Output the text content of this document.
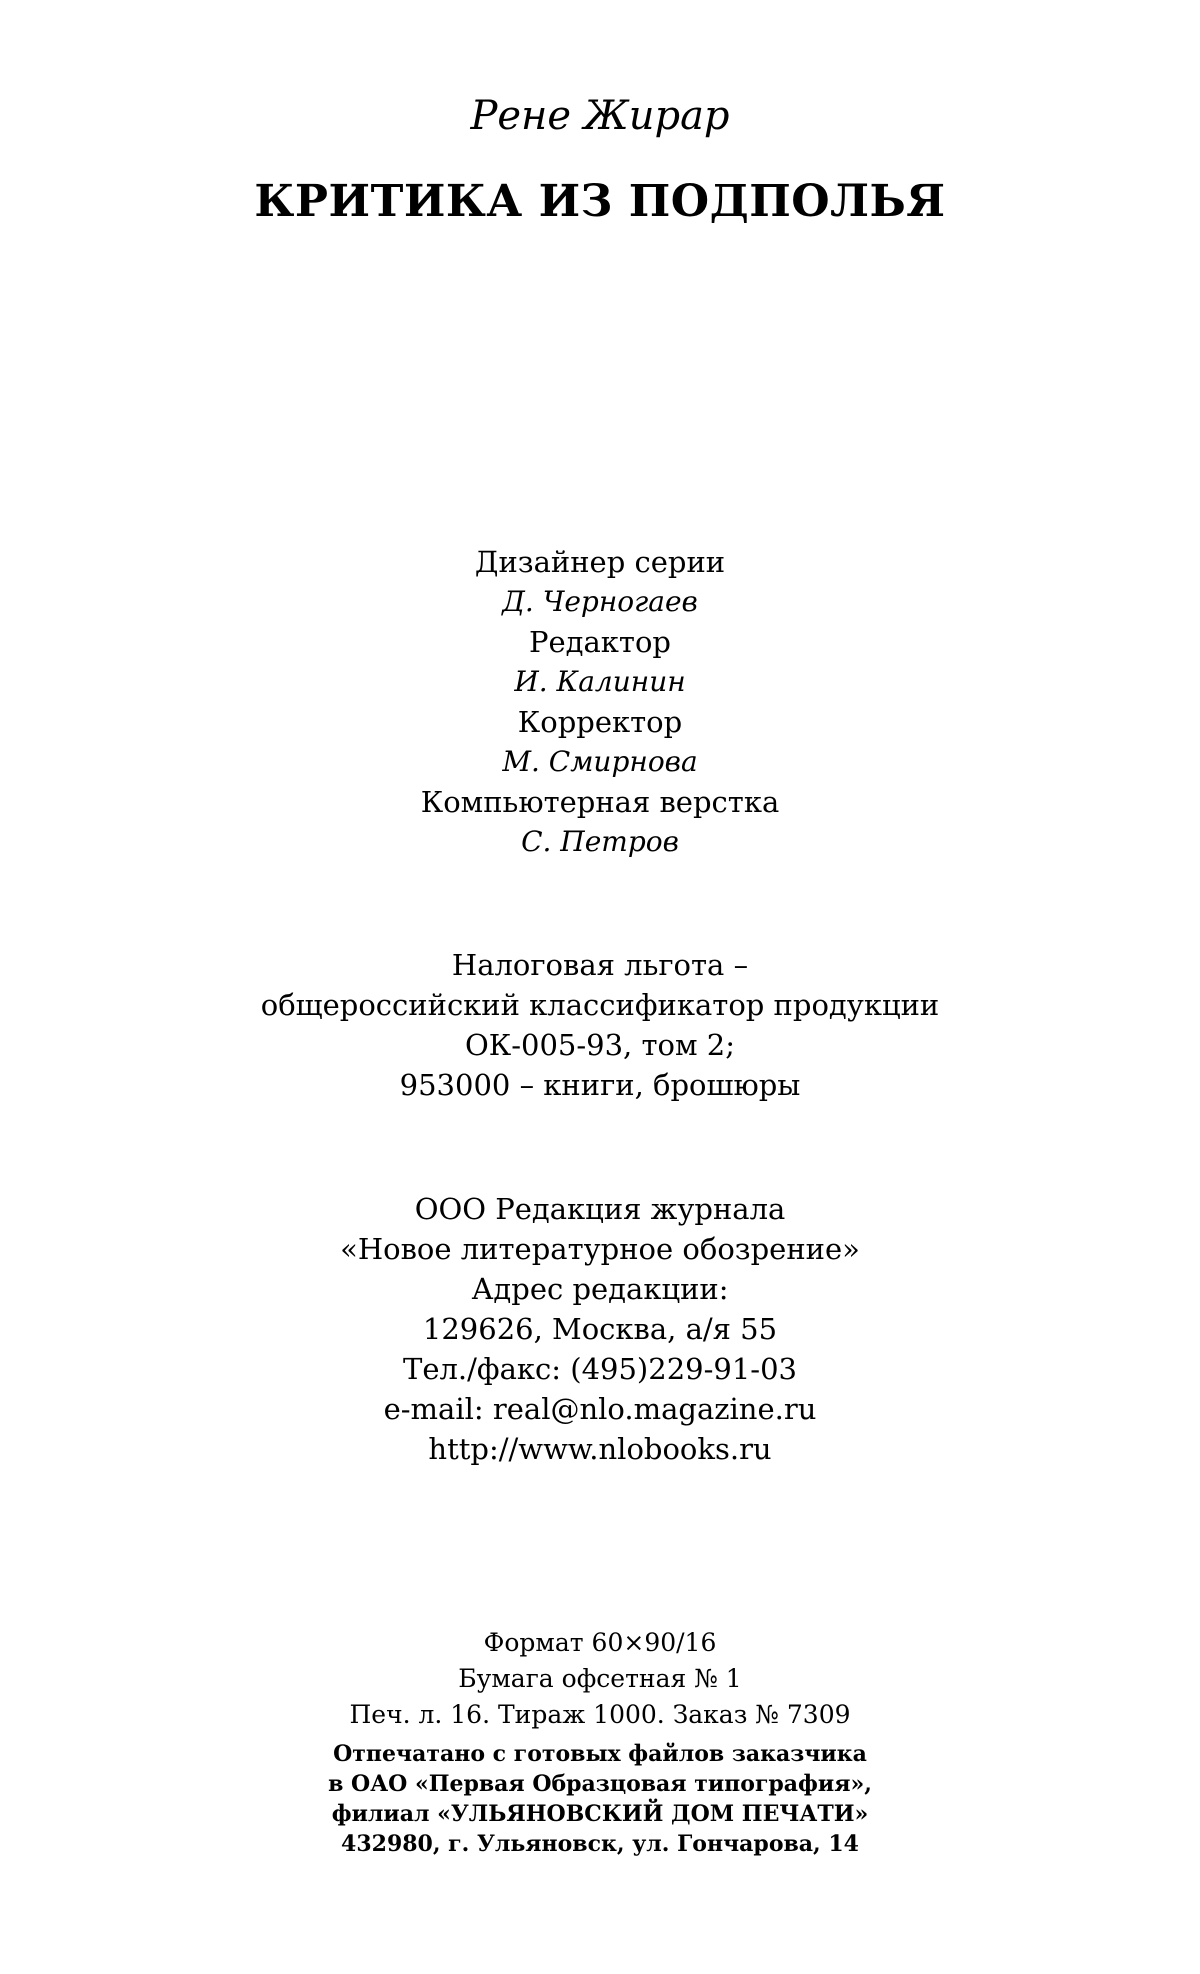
Рене Жирар
КРИТИКА ИЗ ПОДПОЛЬЯ
Дизайнер серии
Д. Черногаев
Редактор
И. Калинин
Корректор
М. Смирнова
Компьютерная верстка
С. Петров
Налоговая льгота –
общероссийский классификатор продукции
ОК-005-93, том 2;
953000 – книги, брошюры
ООО Редакция журнала
«Новое литературное обозрение»
Адрес редакции:
129626, Москва, а/я 55
Тел./факс: (495)229-91-03
e-mail: real@nlo.magazine.ru
http://www.nlobooks.ru
Формат 60×90/16
Бумага офсетная № 1
Печ. л. 16. Тираж 1000. Заказ № 7309
Отпечатано с готовых файлов заказчика
в ОАО «Первая Образцовая типография»,
филиал «УЛЬЯНОВСКИЙ ДОМ ПЕЧАТИ»
432980, г. Ульяновск, ул. Гончарова, 14
